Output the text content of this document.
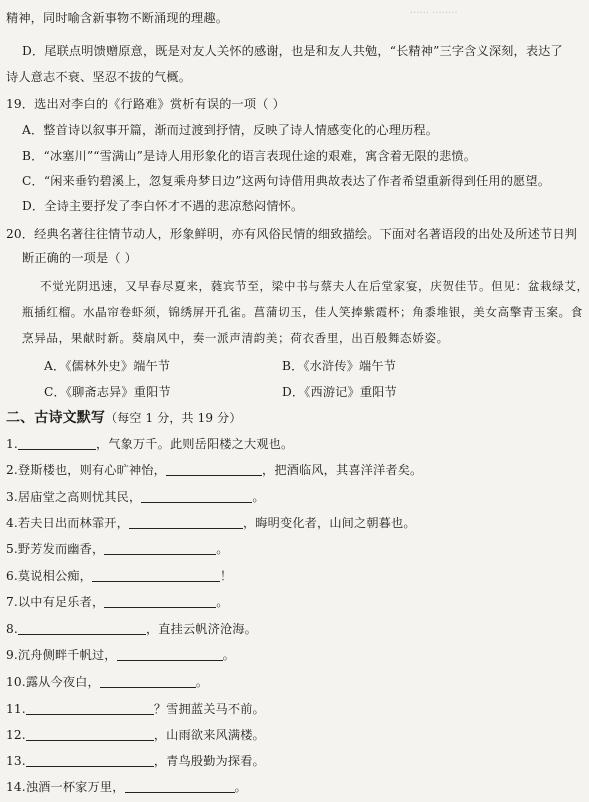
······ ········
精神，同时喻含新事物不断涌现的理趣。
D．尾联点明馈赠原意，既是对友人关怀的感谢，也是和友人共勉，“长精神”三字含义深刻，表达了
诗人意志不衰、坚忍不拔的气概。
19．选出对李白的《行路难》赏析有误的一项（ ）
A．整首诗以叙事开篇，渐而过渡到抒情，反映了诗人情感变化的心理历程。
B．“冰塞川”“雪满山”是诗人用形象化的语言表现仕途的艰难，寓含着无限的悲愤。
C．“闲来垂钓碧溪上，忽复乘舟梦日边”这两句诗借用典故表达了作者希望重新得到任用的愿望。
D．全诗主要抒发了李白怀才不遇的悲凉愁闷情怀。
20．经典名著往往情节动人，形象鲜明，亦有风俗民情的细致描绘。下面对名著语段的出处及所述节日判
断正确的一项是（ ）
不觉光阴迅速，又早春尽夏来，蕤宾节至，梁中书与蔡夫人在后堂家宴，庆贺佳节。但见：盆栽绿艾，
瓶插红榴。水晶帘卷虾须，锦绣屏开孔雀。菖蒲切玉，佳人笑捧紫霞杯；角黍堆银，美女高擎青玉案。食
烹异品，果献时新。葵扇风中，奏一派声清韵美；荷衣香里，出百般舞态娇姿。
A．《儒林外史》端午节	B．《水浒传》端午节
C．《聊斋志异》重阳节	D．《西游记》重阳节
二、古诗文默写（每空 1 分，共 19 分）
1.	，气象万千。此则岳阳楼之大观也。
2.登斯楼也，则有心旷神怡，	，把酒临风，其喜洋洋者矣。
3.居庙堂之高则忧其民，	。
4.若夫日出而林霏开，	，晦明变化者，山间之朝暮也。
5.野芳发而幽香，	。
6.莫说相公痴，	！
7.以中有足乐者，	。
8.	，直挂云帆济沧海。
9.沉舟侧畔千帆过，	。
10.露从今夜白，	。
11.	？雪拥蓝关马不前。
12.	，山雨欲来风满楼。
13.	，青鸟殷勤为探看。
14.浊酒一杯家万里，	。
